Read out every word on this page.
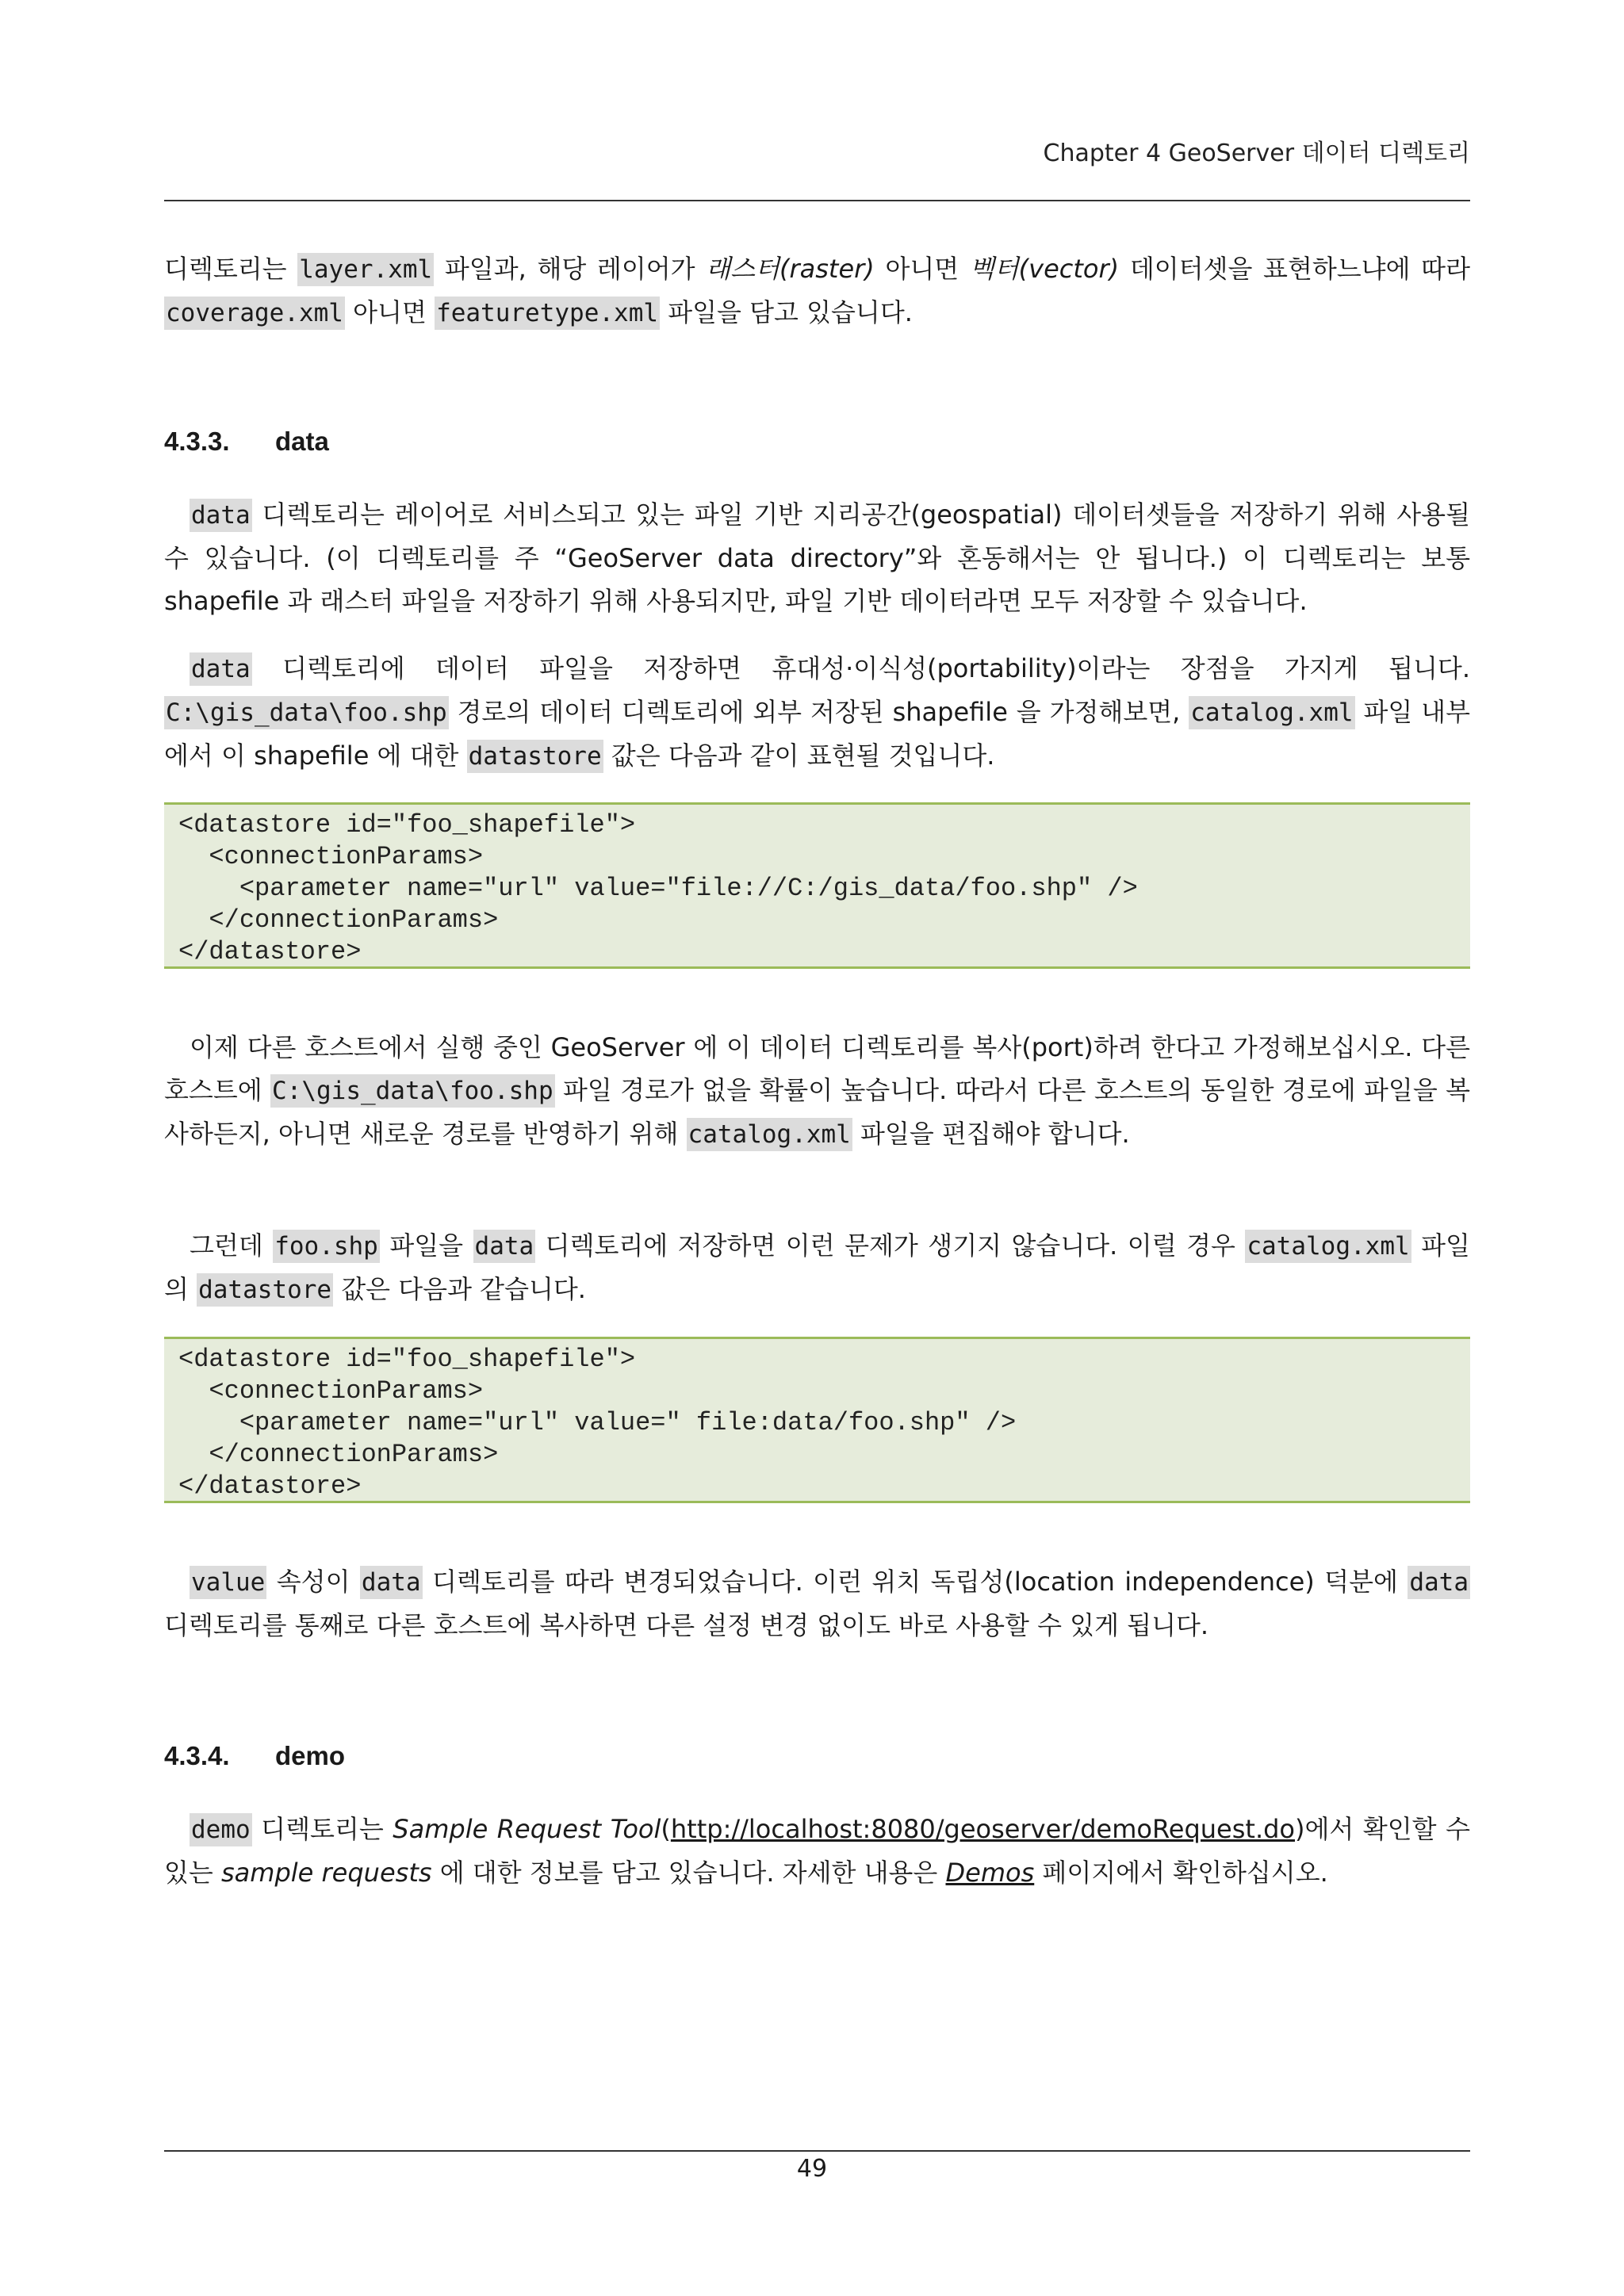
Chapter 4 GeoServer 데이터 디렉토리

디렉토리는 layer.xml 파일과, 해당 레이어가 래스터(raster) 아니면 벡터(vector) 데이터셋을 표현하느냐에 따라 coverage.xml 아니면 featuretype.xml 파일을 담고 있습니다.

4.3.3. data

data 디렉토리는 레이어로 서비스되고 있는 파일 기반 지리공간(geospatial) 데이터셋들을 저장하기 위해 사용될 수 있습니다. (이 디렉토리를 주 “GeoServer data directory”와 혼동해서는 안 됩니다.) 이 디렉토리는 보통 shapefile 과 래스터 파일을 저장하기 위해 사용되지만, 파일 기반 데이터라면 모두 저장할 수 있습니다.

data 디렉토리에 데이터 파일을 저장하면 휴대성·이식성(portability)이라는 장점을 가지게 됩니다. C:\gis_data\foo.shp 경로의 데이터 디렉토리에 외부 저장된 shapefile 을 가정해보면, catalog.xml 파일 내부에서 이 shapefile 에 대한 datastore 값은 다음과 같이 표현될 것입니다.

<datastore id="foo_shapefile">
<connectionParams>
<parameter name="url" value="file://C:/gis_data/foo.shp" />
</connectionParams>
</datastore>

이제 다른 호스트에서 실행 중인 GeoServer 에 이 데이터 디렉토리를 복사(port)하려 한다고 가정해보십시오. 다른 호스트에 C:\gis_data\foo.shp 파일 경로가 없을 확률이 높습니다. 따라서 다른 호스트의 동일한 경로에 파일을 복사하든지, 아니면 새로운 경로를 반영하기 위해 catalog.xml 파일을 편집해야 합니다.

그런데 foo.shp 파일을 data 디렉토리에 저장하면 이런 문제가 생기지 않습니다. 이럴 경우 catalog.xml 파일의 datastore 값은 다음과 같습니다.

<datastore id="foo_shapefile">
<connectionParams>
<parameter name="url" value=" file:data/foo.shp" />
</connectionParams>
</datastore>

value 속성이 data 디렉토리를 따라 변경되었습니다. 이런 위치 독립성(location independence) 덕분에 data 디렉토리를 통째로 다른 호스트에 복사하면 다른 설정 변경 없이도 바로 사용할 수 있게 됩니다.

4.3.4. demo

demo 디렉토리는 Sample Request Tool(http://localhost:8080/geoserver/demoRequest.do)에서 확인할 수 있는 sample requests 에 대한 정보를 담고 있습니다. 자세한 내용은 Demos 페이지에서 확인하십시오.

49
